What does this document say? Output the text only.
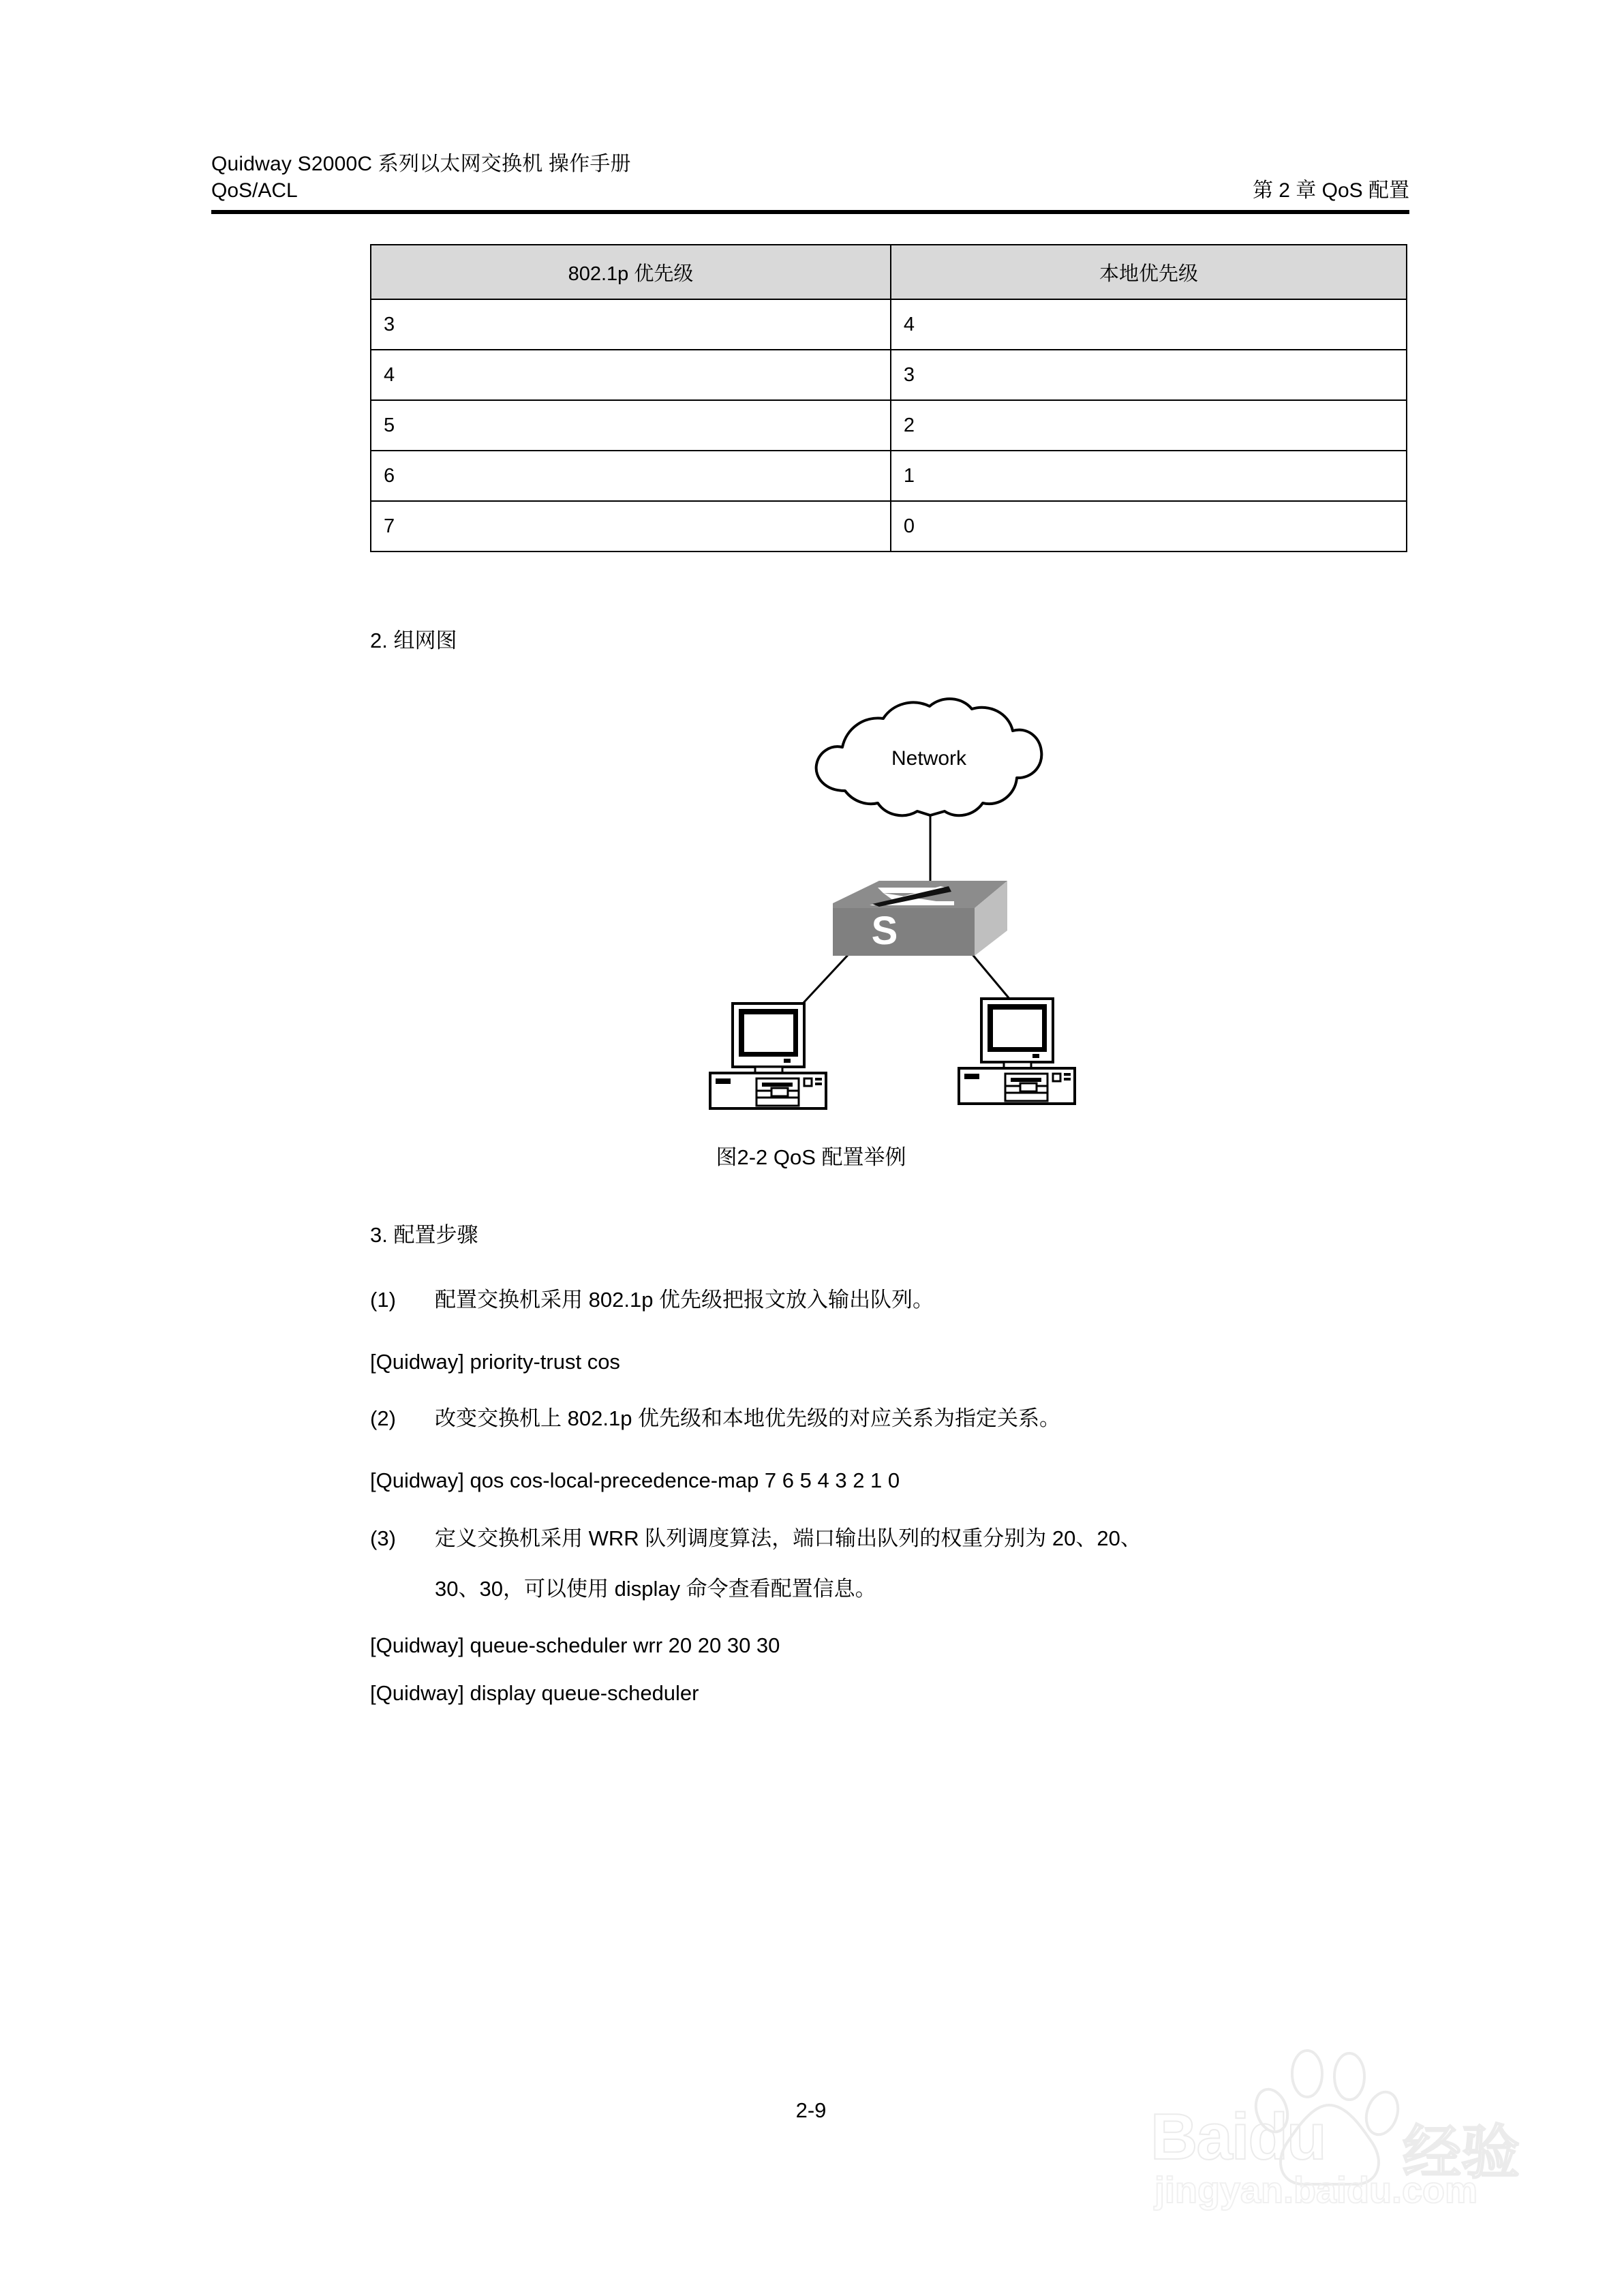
Quidway S2000C 系列以太网交换机 操作手册
QoS/ACL	第 2 章 QoS 配置
802.1p 优先级	本地优先级
3	4
4	3
5	2
6	1
7	0
2. 组网图
Network
S
图2-2 QoS 配置举例
3. 配置步骤
(1) 配置交换机采用 802.1p 优先级把报文放入输出队列。
[Quidway] priority-trust cos
(2) 改变交换机上 802.1p 优先级和本地优先级的对应关系为指定关系。
[Quidway] qos cos-local-precedence-map 7 6 5 4 3 2 1 0
(3) 定义交换机采用 WRR 队列调度算法，端口输出队列的权重分别为 20、20、
30、30，可以使用 display 命令查看配置信息。
[Quidway] queue-scheduler wrr 20 20 30 30
[Quidway] display queue-scheduler
2-9	Baidu 经验
jingyan.baidu.com
